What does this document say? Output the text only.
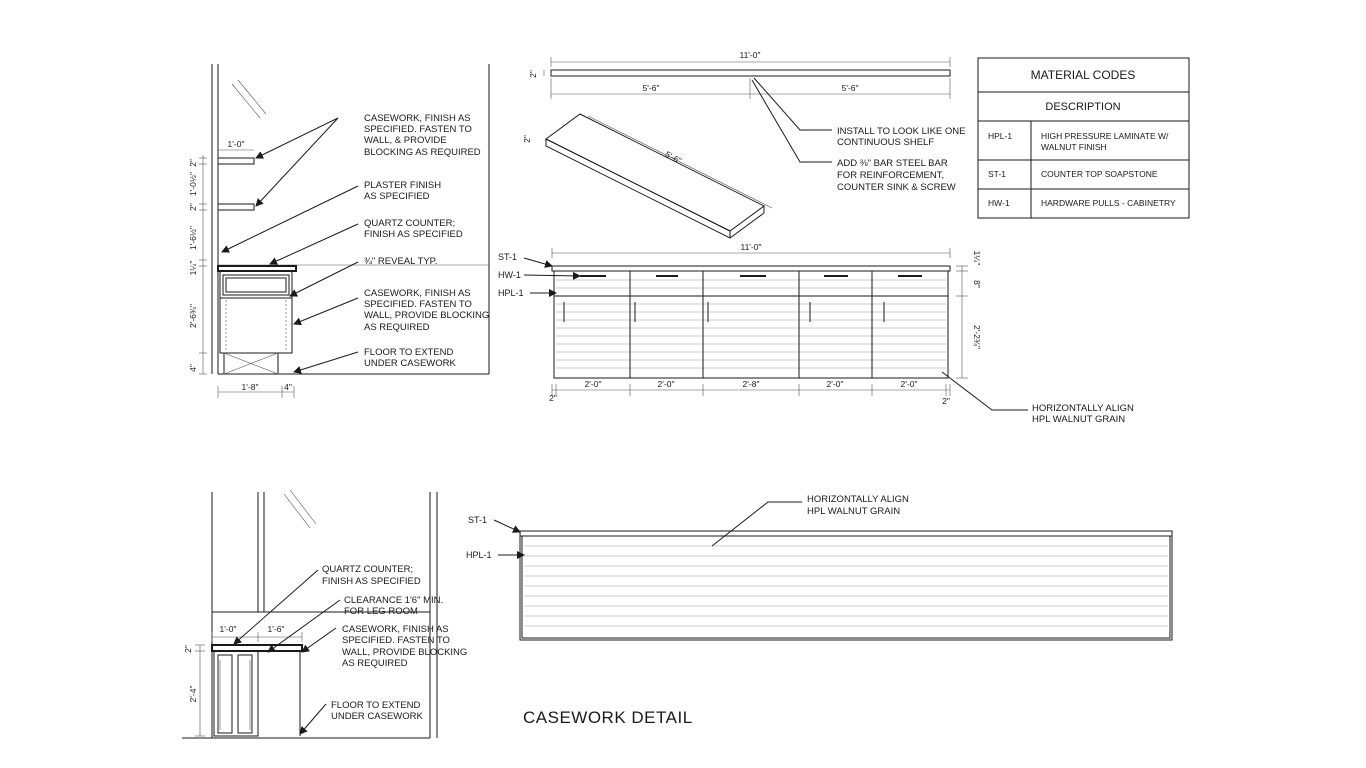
2"
1'-0½"
2"
1'-6½"
1¼"
2'-6¾"
4"
1'-0"
1'-8"	4"
CASEWORK, FINISH AS
SPECIFIED. FASTEN TO
WALL, & PROVIDE
BLOCKING AS REQUIRED
PLASTER FINISH
AS SPECIFIED
QUARTZ COUNTER;
FINISH AS SPECIFIED
¾" REVEAL TYP.
CASEWORK, FINISH AS
SPECIFIED. FASTEN TO
WALL, PROVIDE BLOCKING
AS REQUIRED
FLOOR TO EXTEND
UNDER CASEWORK
11'-0"
2"
5'-6"	5'-6"
5'-6"
2"
INSTALL TO LOOK LIKE ONE
CONTINUOUS SHELF
ADD ⅜" BAR STEEL BAR
FOR REINFORCEMENT,
COUNTER SINK & SCREW
MATERIAL CODES
DESCRIPTION
HPL-1	HIGH PRESSURE LAMINATE W/
WALNUT FINISH
ST-1	COUNTER TOP SOAPSTONE
HW-1	HARDWARE PULLS - CABINETRY
11'-0"
ST-1
HW-1
HPL-1
1¼"
8"
2'-2¾"
2'-0"	2'-0"	2'-8"	2'-0"	2'-0"
2"	2"
HORIZONTALLY ALIGN
HPL WALNUT GRAIN
1'-0"	1'-6"
2"
2'-4"
QUARTZ COUNTER;
FINISH AS SPECIFIED
CLEARANCE 1'6" MIN.
FOR LEG ROOM
CASEWORK, FINISH AS
SPECIFIED. FASTEN TO
WALL, PROVIDE BLOCKING
AS REQUIRED
FLOOR TO EXTEND
UNDER CASEWORK
ST-1
HPL-1
HORIZONTALLY ALIGN
HPL WALNUT GRAIN
CASEWORK DETAIL
